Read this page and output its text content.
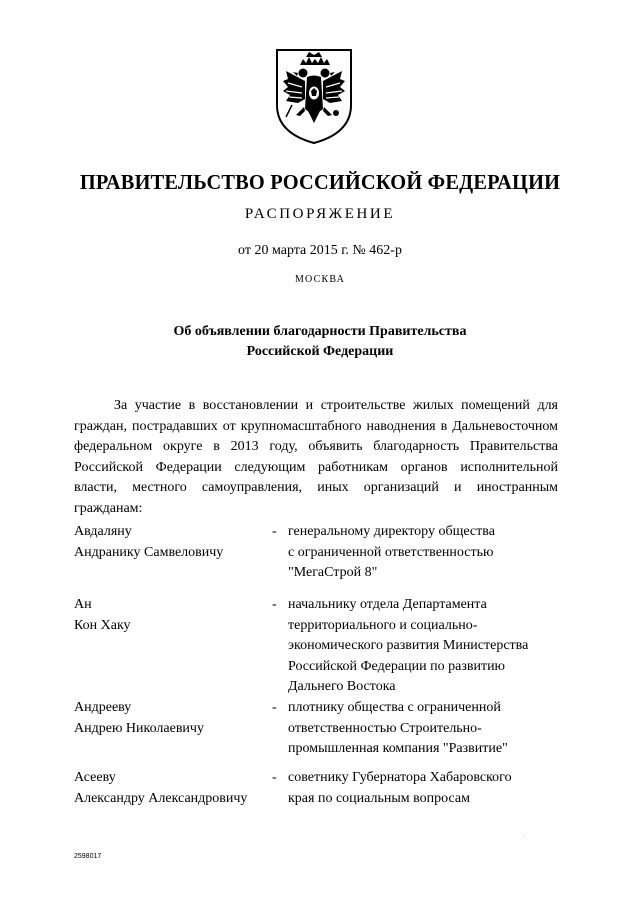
ПРАВИТЕЛЬСТВО РОССИЙСКОЙ ФЕДЕРАЦИИ
РАСПОРЯЖЕНИЕ
от 20 марта 2015 г. № 462-р
МОСКВА
Об объявлении благодарности Правительства
Российской Федерации
За участие в восстановлении и строительстве жилых помещений для граждан, пострадавших от крупномасштабного наводнения в Дальневосточном федеральном округе в 2013 году, объявить благодарность Правительства Российской Федерации следующим работникам органов исполнительной власти, местного самоуправления, иных организаций и иностранным гражданам:
Авдаляну
Андранику Самвеловичу
- генеральному директору общества
с ограниченной ответственностью
"МегаСтрой 8"
Ан
Кон Хаку
- начальнику отдела Департамента
территориального и социально-
экономического развития Министерства
Российской Федерации по развитию
Дальнего Востока
Андрееву
Андрею Николаевичу
- плотнику общества с ограниченной
ответственностью Строительно-
промышленная компания "Развитие"
Асееву
Александру Александровичу
- советнику Губернатора Хабаровского
края по социальным вопросам
.
2598017
